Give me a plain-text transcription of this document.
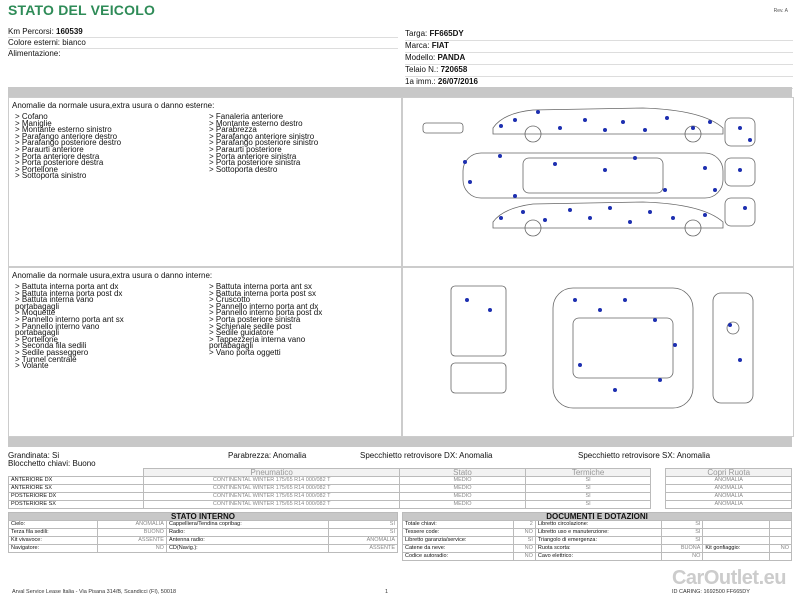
STATO DEL VEICOLO	Rev. A
Km Percorsi: 160539
Colore esterni: bianco
Alimentazione:
Targa: FF665DY
Marca: FIAT
Modello: PANDA
Telaio N.: 720658
1a imm.: 26/07/2016
Anomalie da normale usura,extra usura o danno esterne:
> Cofano
> Maniglie
> Montante esterno sinistro
> Parafango anteriore destro
> Parafango posteriore destro
> Paraurti anteriore
> Porta anteriore destra
> Porta posteriore destra
> Portellone
> Sottoporta sinistro
> Fanaleria anteriore
> Montante esterno destro
> Parabrezza
> Parafango anteriore sinistro
> Parafango posteriore sinistro
> Paraurti posteriore
> Porta anteriore sinistra
> Porta posteriore sinistra
> Sottoporta destro
Anomalie da normale usura,extra usura o danno interne:
> Battuta interna porta ant dx
> Battuta interna porta post dx
> Battuta interna vano
portabagagli
> Moquette
> Pannello interno porta ant sx
> Pannello interno vano
portabagagli
> Portellone
> Seconda fila sedili
> Sedile passeggero
> Tunnel centrale
> Volante
> Battuta interna porta ant sx
> Battuta interna porta post sx
> Cruscotto
> Pannello interno porta ant dx
> Pannello interno porta post dx
> Porta posteriore sinistra
> Schienale sedile post
> Sedile guidatore
> Tappezzeria interna vano
portabagagli
> Vano porta oggetti
Grandinata: Si	Parabrezza: Anomalia	Specchietto retrovisore DX: Anomalia	Specchietto retrovisore SX: Anomalia
Blocchetto chiavi: Buono
	Pneumatico	Stato	Termiche		Copri Ruota
ANTERIORE DX	CONTINENTAL WINTER 175/65 R14 000/082 T	MEDIO	SI		ANOMALIA
ANTERIORE SX	CONTINENTAL WINTER 175/65 R14 000/082 T	MEDIO	SI		ANOMALIA
POSTERIORE DX	CONTINENTAL WINTER 175/65 R14 000/082 T	MEDIO	SI		ANOMALIA
POSTERIORE SX	CONTINENTAL WINTER 175/65 R14 000/082 T	MEDIO	SI		ANOMALIA
STATO INTERNO			
Cielo:	ANOMALIA	Cappelliera/Tendina copribag:	SI
Terza fila sedili:	BUONO	Radio:	SI
Kit vivavoce:	ASSENTE	Antenna radio:	ANOMALIA
Navigatore:	NO	CD(Navig.):	ASSENTE
DOCUMENTI E DOTAZIONI					
Totale chiavi:	2	Libretto circolazione:	SI		
Tessere code:	NO	Libretto uso e manutenzione:	SI		
Libretto garanzia/service:	SI	Triangolo di emergenza:	SI		
Catene da neve:	NO	Ruota scorta:	BUONA	Kit gonfiaggio:	NO
Codice autoradio:	NO	Cavo elettrico:	NO		
Arval Service Lease Italia - Via Pisana 314/B, Scandicci (FI), 50018	1	ID CARING: 1692500 FF665DY
CarOutlet.eu
